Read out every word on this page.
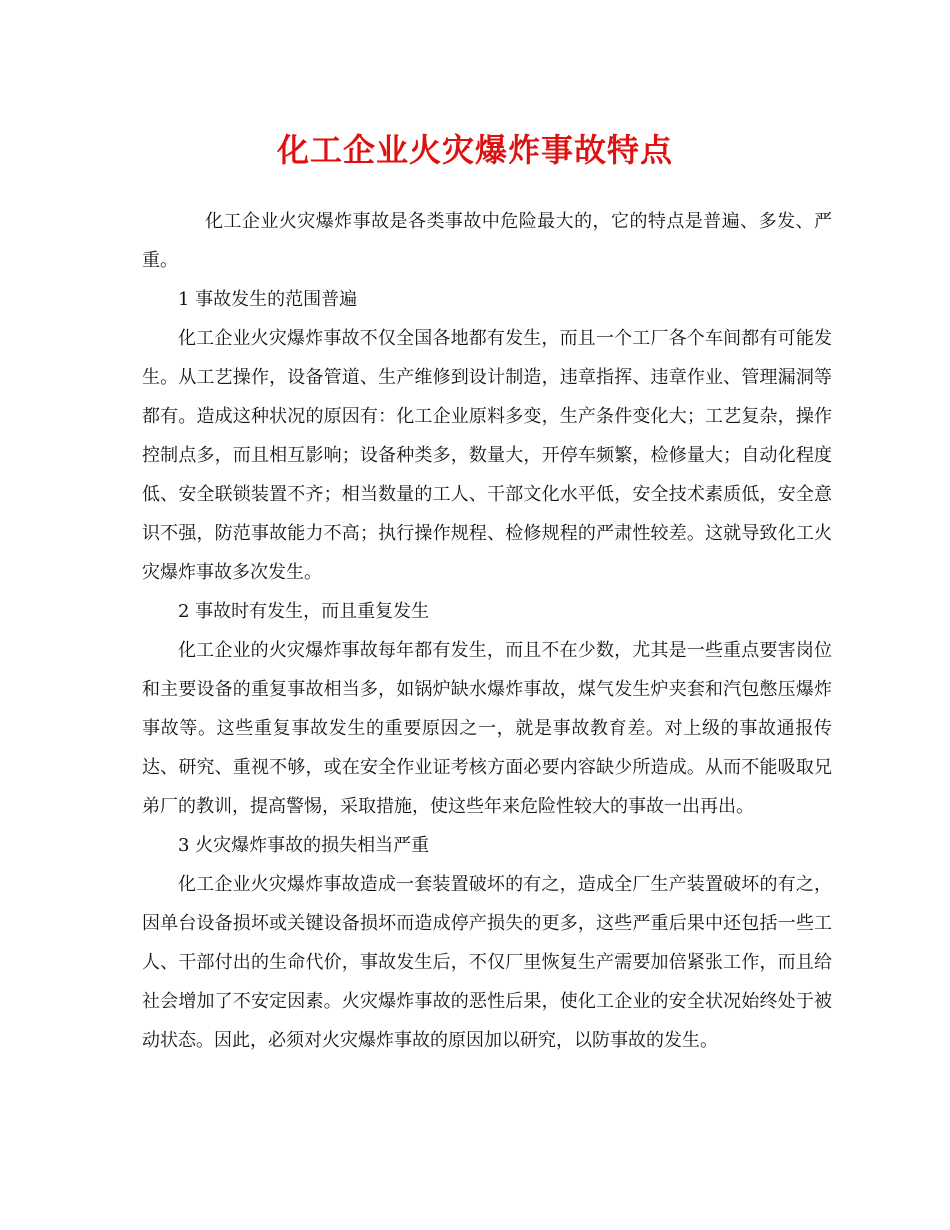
化工企业火灾爆炸事故特点

化工企业火灾爆炸事故是各类事故中危险最大的，它的特点是普遍、多发、严重。

1 事故发生的范围普遍

化工企业火灾爆炸事故不仅全国各地都有发生，而且一个工厂各个车间都有可能发生。从工艺操作，设备管道、生产维修到设计制造，违章指挥、违章作业、管理漏洞等都有。造成这种状况的原因有：化工企业原料多变，生产条件变化大；工艺复杂，操作控制点多，而且相互影响；设备种类多，数量大，开停车频繁，检修量大；自动化程度低、安全联锁装置不齐；相当数量的工人、干部文化水平低，安全技术素质低，安全意识不强，防范事故能力不高；执行操作规程、检修规程的严肃性较差。这就导致化工火灾爆炸事故多次发生。

2 事故时有发生，而且重复发生

化工企业的火灾爆炸事故每年都有发生，而且不在少数，尤其是一些重点要害岗位和主要设备的重复事故相当多，如锅炉缺水爆炸事故，煤气发生炉夹套和汽包憋压爆炸事故等。这些重复事故发生的重要原因之一，就是事故教育差。对上级的事故通报传达、研究、重视不够，或在安全作业证考核方面必要内容缺少所造成。从而不能吸取兄弟厂的教训，提高警惕，采取措施，使这些年来危险性较大的事故一出再出。

3 火灾爆炸事故的损失相当严重

化工企业火灾爆炸事故造成一套装置破坏的有之，造成全厂生产装置破坏的有之，因单台设备损坏或关键设备损坏而造成停产损失的更多，这些严重后果中还包括一些工人、干部付出的生命代价，事故发生后，不仅厂里恢复生产需要加倍紧张工作，而且给社会增加了不安定因素。火灾爆炸事故的恶性后果，使化工企业的安全状况始终处于被动状态。因此，必须对火灾爆炸事故的原因加以研究，以防事故的发生。
